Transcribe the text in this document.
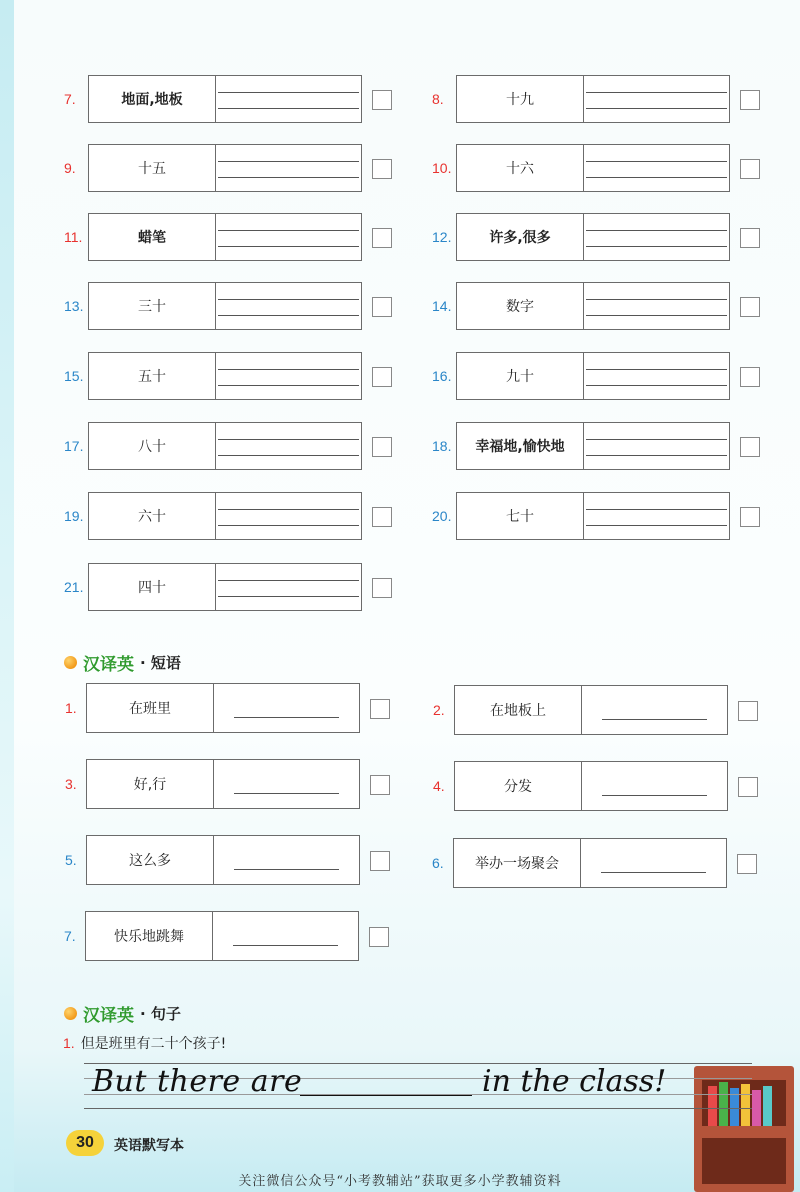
7.	地面,地板	8.	十九
9.	十五	10.	十六
11.	蜡笔	12.	许多,很多
13.	三十	14.	数字
15.	五十	16.	九十
17.	八十	18.	幸福地,愉快地
19.	六十	20.	七十
21.	四十
汉译英 · 短语
1.	在班里	2.	在地板上
3.	好,行	4.	分发
5.	这么多	6.	举办一场聚会
7.	快乐地跳舞
汉译英 · 句子
1. 但是班里有二十个孩子!
But there are	in the class!
30	英语默写本
关注微信公众号“小考教辅站”获取更多小学教辅资料
